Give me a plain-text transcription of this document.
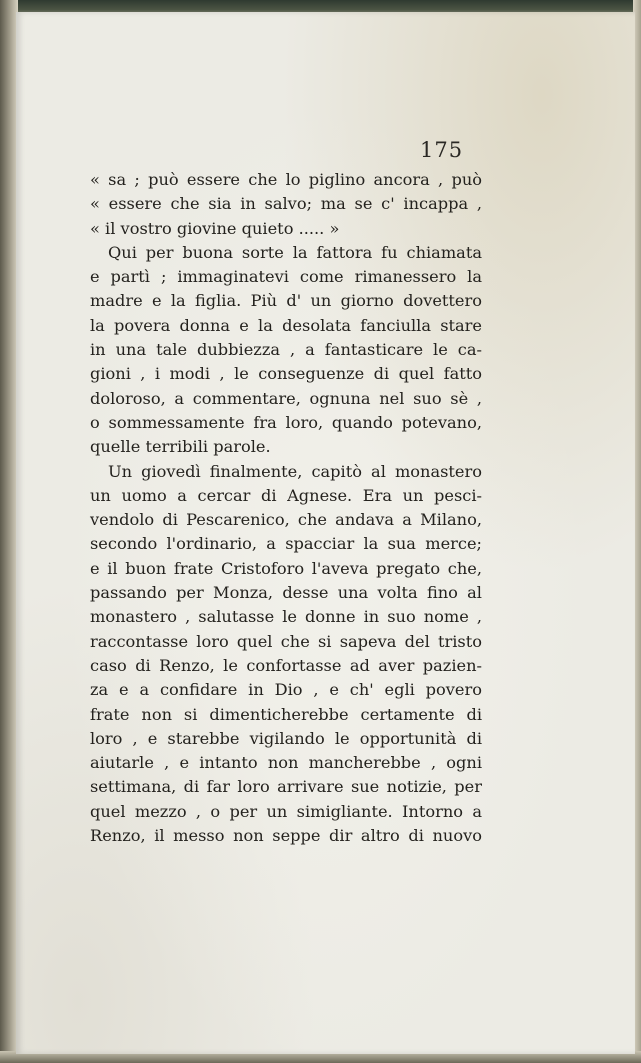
175
« sa ; può essere che lo piglino ancora , può
« essere che sia in salvo; ma se c' incappa ,
« il vostro giovine quieto ..... »
Qui per buona sorte la fattora fu chiamata
e partì ; immaginatevi come rimanessero la
madre e la figlia. Più d' un giorno dovettero
la povera donna e la desolata fanciulla stare
in una tale dubbiezza , a fantasticare le ca-
gioni , i modi , le conseguenze di quel fatto
doloroso, a commentare, ognuna nel suo sè ,
o sommessamente fra loro, quando potevano,
quelle terribili parole.
Un giovedì finalmente, capitò al monastero
un uomo a cercar di Agnese. Era un pesci-
vendolo di Pescarenico, che andava a Milano,
secondo l'ordinario, a spacciar la sua merce;
e il buon frate Cristoforo l'aveva pregato che,
passando per Monza, desse una volta fino al
monastero , salutasse le donne in suo nome ,
raccontasse loro quel che si sapeva del tristo
caso di Renzo, le confortasse ad aver pazien-
za e a confidare in Dio , e ch' egli povero
frate non si dimenticherebbe certamente di
loro , e starebbe vigilando le opportunità di
aiutarle , e intanto non mancherebbe , ogni
settimana, di far loro arrivare sue notizie, per
quel mezzo , o per un simigliante. Intorno a
Renzo, il messo non seppe dir altro di nuovo
